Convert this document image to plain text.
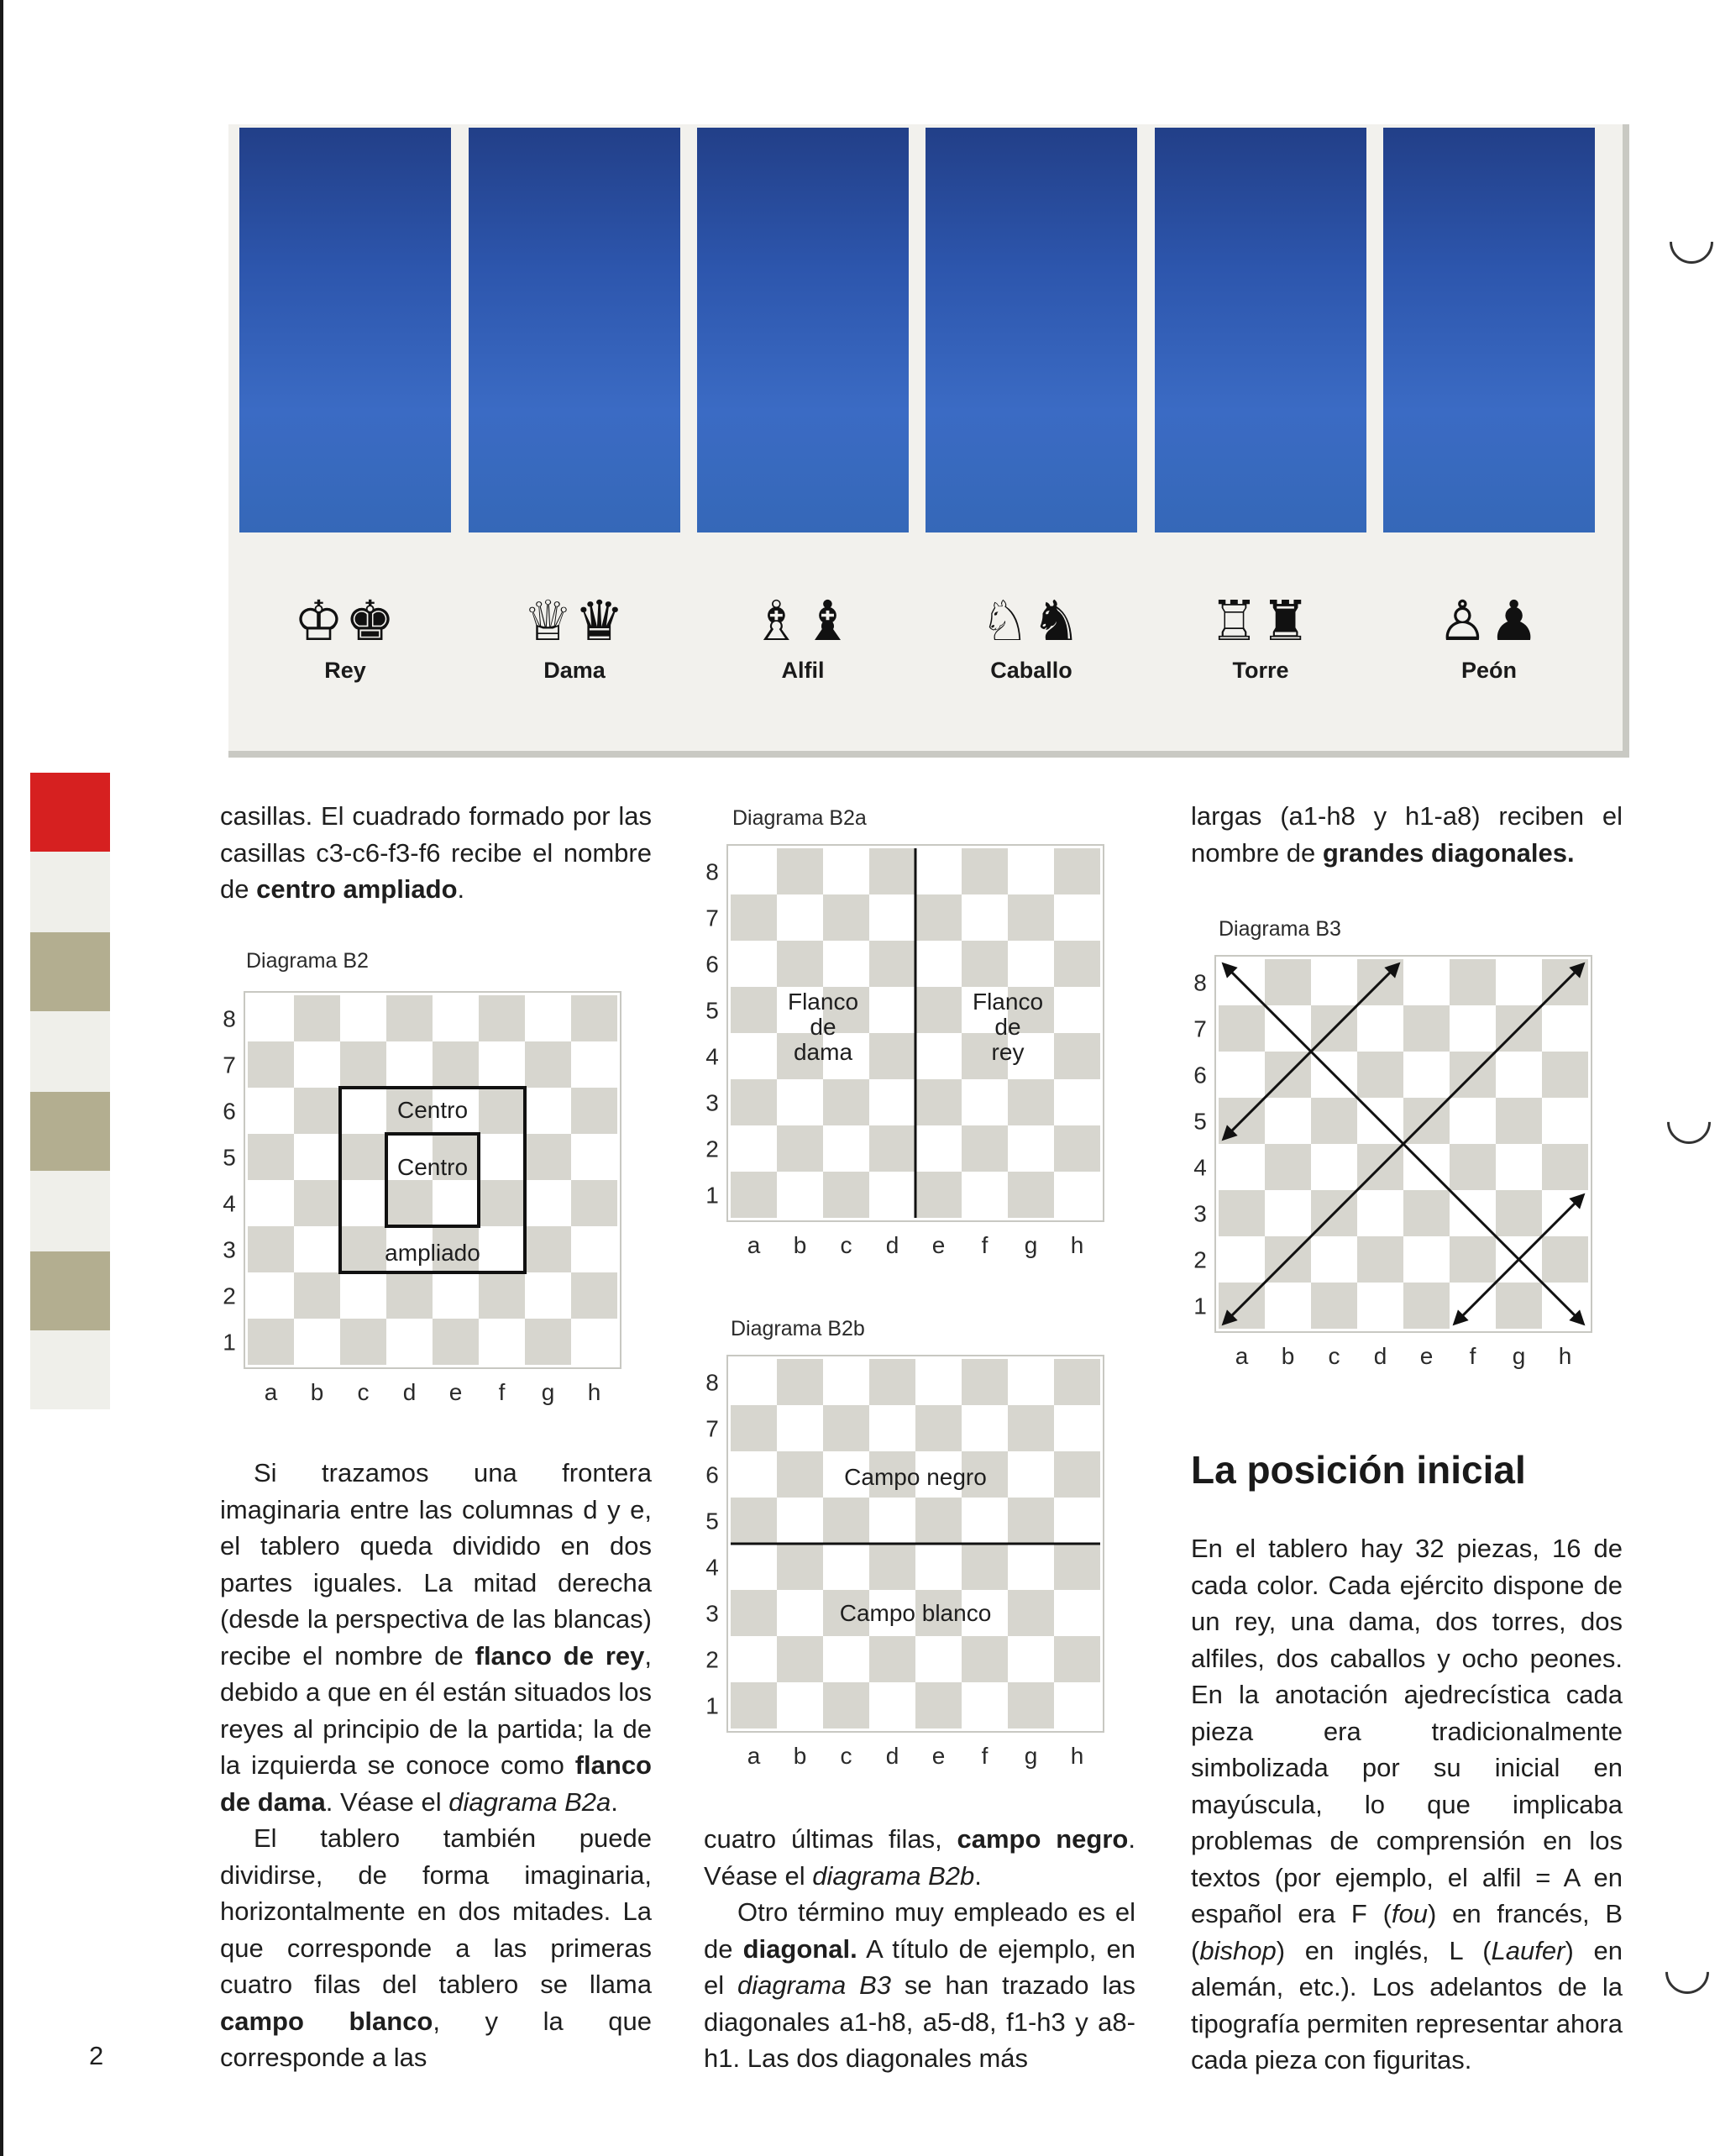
♔♚
Rey
♕♛
Dama
♗♝
Alfil
♘♞
Caballo
♖♜
Torre
♙♟
Peón

casillas. El cuadrado formado por las casillas c3-c6-f3-f6 recibe el nombre de centro ampliado.

Si trazamos una frontera imaginaria entre las columnas d y e, el tablero queda dividido en dos partes iguales. La mitad derecha (desde la perspectiva de las blancas) recibe el nombre de flanco de rey, debido a que en él están situados los reyes al principio de la partida; la de la izquierda se conoce como flanco de dama. Véase el diagrama B2a.

El tablero también puede dividirse, de forma imaginaria, horizontalmente en dos mitades. La que corresponde a las primeras cuatro filas del tablero se llama campo blanco, y la que corresponde a las

cuatro últimas filas, campo negro. Véase el diagrama B2b.

Otro término muy empleado es el de diagonal. A título de ejemplo, en el diagrama B3 se han trazado las diagonales a1-h8, a5-d8, f1-h3 y a8-h1. Las dos diagonales más

largas (a1-h8 y h1-a8) reciben el nombre de grandes diagonales.

La posición inicial

En el tablero hay 32 piezas, 16 de cada color. Cada ejército dispone de un rey, una dama, dos torres, dos alfiles, dos caballos y ocho peones. En la anotación ajedrecística cada pieza era tradicionalmente simbolizada por su inicial en mayúscula, lo que implicaba problemas de comprensión en los textos (por ejemplo, el alfil = A en español era F (fou) en francés, B (bishop) en inglés, L (Laufer) en alemán, etc.). Los adelantos de la tipografía permiten representar ahora cada pieza con figuritas.

2
Diagrama B2
Diagrama B2a
Diagrama B2b
Diagrama B3
8
7
6
5
4
3
2
1
a b c d e f g h
Centro
Centro
ampliado
8
7
6
5
4
3
2
1
a b c d e f g h
Flanco
de
dama
Flanco
de
rey
8
7
6
5
4
3
2
1
a b c d e f g h
Campo negro
Campo blanco
8
7
6
5
4
3
2
1
a b c d e f g h
